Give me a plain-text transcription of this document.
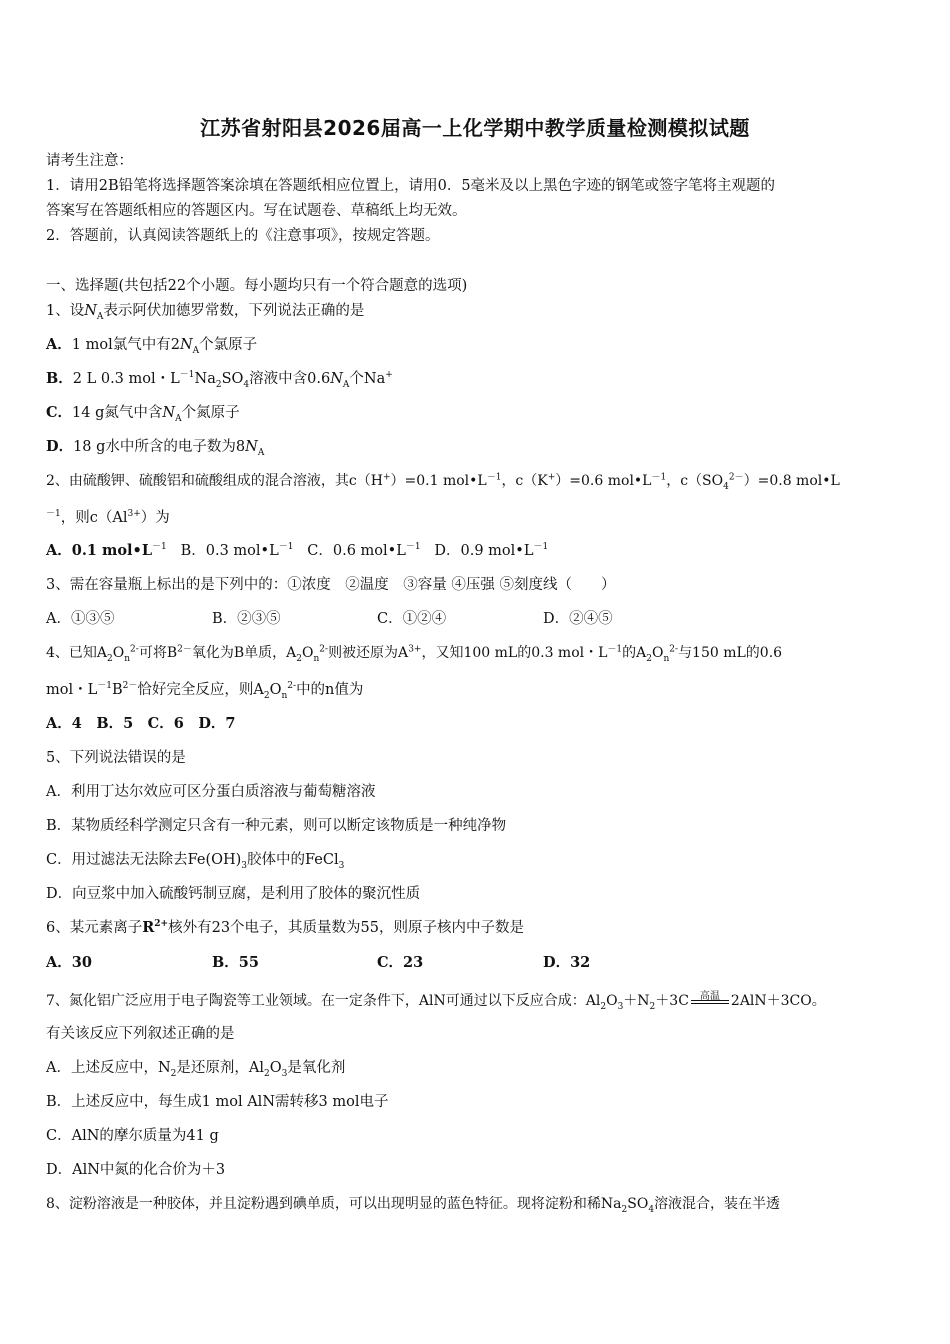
江苏省射阳县2026届高一上化学期中教学质量检测模拟试题
请考生注意：
1．请用2B铅笔将选择题答案涂填在答题纸相应位置上，请用0．5毫米及以上黑色字迹的钢笔或签字笔将主观题的
答案写在答题纸相应的答题区内。写在试题卷、草稿纸上均无效。
2．答题前，认真阅读答题纸上的《注意事项》，按规定答题。
一、选择题(共包括22个小题。每小题均只有一个符合题意的选项)
1、设$N_A$表示阿伏加德罗常数，下列说法正确的是
A．1 mol氯气中有$2N_A$个氯原子
B．2 L 0.3 mol・$L^{-1}Na_2SO_4$溶液中含$0.6N_A$个Na+
C．14 g氮气中含$N_A$个氮原子
D．18 g水中所含的电子数为$8N_A$
2、由硫酸钾、硫酸铝和硫酸组成的混合溶液，其c（H+）=0.1 $mol•L^{-1}$，c（K+）=0.6 $mol•L^{-1}$，$c(SO_4^{2-})=0.8$ mol•L
$^{-1}$，则$c(Al^{3+})$为
A．0.1 $mol•L^{-1}$ B．0.3 $mol•L^{-1}$ C．0.6 $mol•L^{-1}$ D．0.9 $mol•L^{-1}$
3、需在容量瓶上标出的是下列中的：①浓度　②温度　③容量 ④压强 ⑤刻度线（　　）
A．①③⑤	B．②③⑤	C．①②④	D．②④⑤
4、已知$A_2O_n^{2-}$可将$B^{2-}$氧化为B单质，$A_2O_n^{2-}$则被还原为$A^{3+}$，又知100 mL的0.3 mol・$L^{-1}$的$A_2O_n^{2-}$与150 mL的0.6
mol・$L^{-1}B^{2-}$恰好完全反应，则$A_2O_n^{2-}$中的n值为
A．4　B．5　C．6　D．7
5、下列说法错误的是
A．利用丁达尔效应可区分蛋白质溶液与葡萄糖溶液
B．某物质经科学测定只含有一种元素，则可以断定该物质是一种纯净物
C．用过滤法无法除去$Fe(OH)_3$胶体中的FeCl$_3$
D．向豆浆中加入硫酸钙制豆腐，是利用了胶体的聚沉性质
6、某元素离子$R^{2+}$核外有23个电子，其质量数为55，则原子核内中子数是
A．30	B．55	C．23	D．32
7、氮化铝广泛应用于电子陶瓷等工业领域。在一定条件下，AlN可通过以下反应合成：$Al_2O_3+N_2+3C$ 高温 2AlN＋3CO。
有关该反应下列叙述正确的是
A．上述反应中，$N_2$是还原剂，$Al_2O_3$是氧化剂
B．上述反应中，每生成1 mol AlN需转移3 mol电子
C．AlN的摩尔质量为41 g
D．AlN中氮的化合价为＋3
8、淀粉溶液是一种胶体，并且淀粉遇到碘单质，可以出现明显的蓝色特征。现将淀粉和稀$Na_2SO_4$溶液混合，装在半透
